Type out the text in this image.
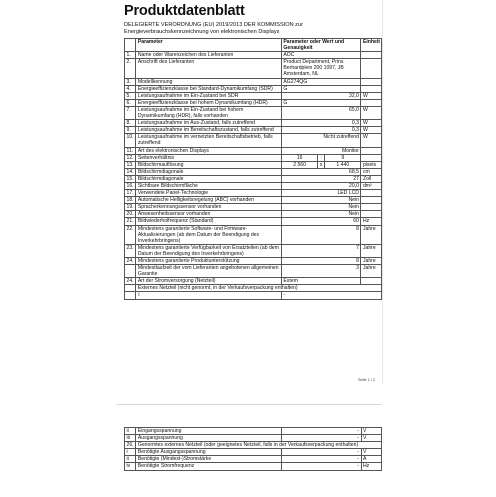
Produktdatenblatt
DELEGIERTE VERORDNUNG (EU) 2019/2013 DER KOMMISSION zur Energieverbrauchskennzeichnung von elektronischen Displays
	Parameter	Parameter oder Wert und Genauigkeit			Einheit
1.	Name oder Warenzeichen des Lieferanten	AOC			
2.	Anschrift des Lieferanten	Product Department, Prins Berhardplein 200 1097, JB Amsterdam, NL			
3.	Modellkennung	AG274QG			
4.	Energieeffizienzklasse bei Standard-Dynamikumfang (SDR)	G			
5.	Leistungsaufnahme im Ein-Zustand bei SDR	32,0			W
6.	Energieeffizienzklasse bei hohem Dynamikumfang (HDR)	G			
7.	Leistungsaufnahme im Ein-Zustand bei hohem Dynamikumfang (HDR), falls vorhanden	65,0			W
8.	Leistungsaufnahme im Aus-Zustand, falls zutreffend	0,3			W
9.	Leistungsaufnahme im Bereitschaftszustand, falls zutreffend	0,3			W
10.	Leistungsaufnahme im vernetzten Bereitschaftsbetrieb, falls zutreffend	Nicht zutreffend			W
11.	Art des elektronischen Displays	Monitor			
12.	Seitenverhältnis	16	:	9	
13.	Bildschirmauflösung	2 560	x	1 440	pixels
14.	Bildschirmdiagonale	68,5			cm
15.	Bildschirmdiagonale	27			Zoll
16.	Sichtbare Bildschirmfläche	20,0			dm²
17.	Verwendete Panel-Technologie	LED LCD			
18.	Automatische Helligkeitsregelung (ABC) vorhanden	Nein			
19.	Spracherkennungssensor vorhanden	Nein			
20.	Anwesenheitssensor vorhanden	Nein			
21.	Bildwiederholfrequenz (Standard)	60			Hz
22.	Mindestens garantierte Software- und Firmware-Aktualisierungen (ab dem Datum der Beendigung des Inverkehrbringens)	8			Jahre
23.	Mindestens garantierte Verfügbarkeit von Ersatzteilen (ab dem Datum der Beendigung des Inverkehrbringens)	7			Jahre
24.	Mindestens garantierte Produktunterstützung	8			Jahre
	Mindestlaufzeit der vom Lieferanten angebotenen allgemeinen Garantie	3			Jahre
24.	Art der Stromversorgung (Netzteil)	Extern			
	Externes Netzteil (nicht genormt, in der Verkaufsverpackung enthalten)				
	i	-			
Seite 1 / 2
ii	Eingangsspannung	-	V
iii	Ausgangsspannung	-	V
26.	Genormtes externes Netzteil (oder geeignetes Netzteil, falls in der Verkaufsverpackung enthalten)		
i	Benötigte Ausgangsspannung	-	V
ii	Benötigte (Mindest-)Stromstärke	-	A
iv	Benötigte Stromfrequenz	-	Hz
